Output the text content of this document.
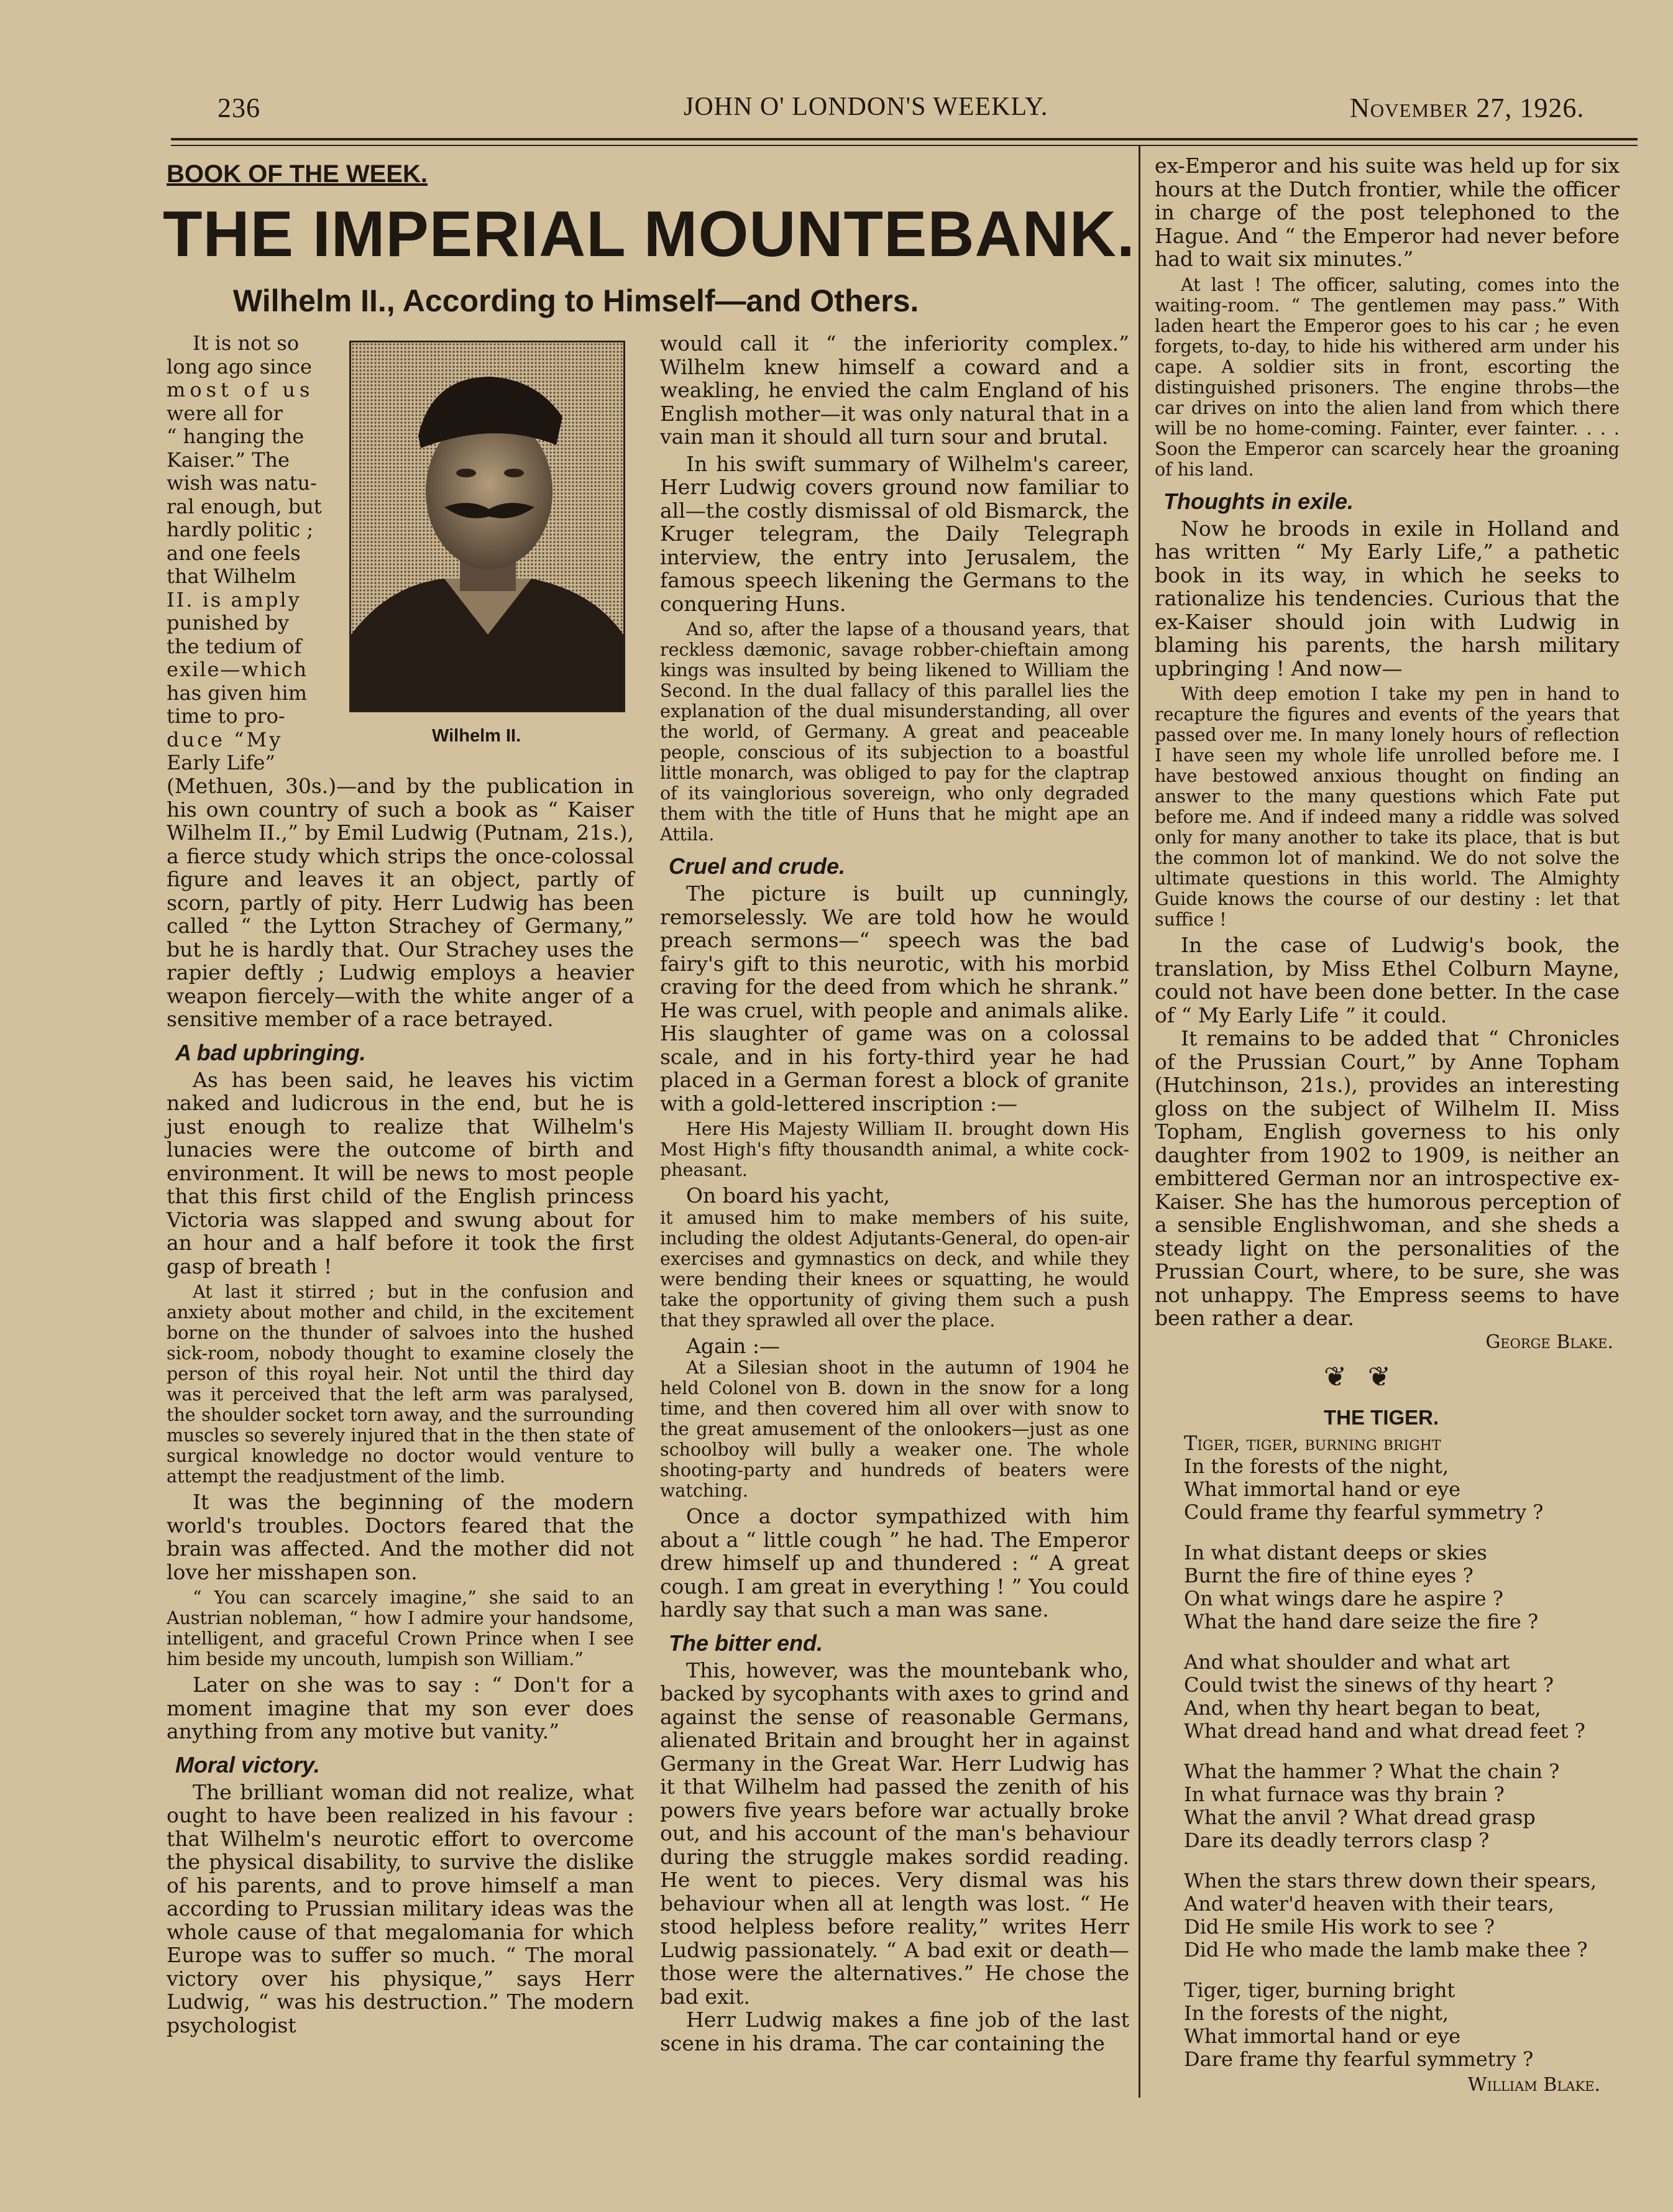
236	JOHN O' LONDON'S WEEKLY.	November 27, 1926.
BOOK OF THE WEEK.
THE IMPERIAL MOUNTEBANK.
Wilhelm II., According to Himself—and Others.
It is not so
long ago since
most of us
were all for
“ hanging the
Kaiser.” The
wish was natu-
ral enough, but
hardly politic ;
and one feels
that Wilhelm
II. is amply
punished by
the tedium of
exile—which
has given him
time to pro-
duce “My
Early Life”
Wilhelm II.

(Methuen, 30s.)—and by the publication in his own country of such a book as “ Kaiser Wilhelm II.,” by Emil Ludwig (Putnam, 21s.), a fierce study which strips the once-colossal figure and leaves it an object, partly of scorn, partly of pity. Herr Ludwig has been called “ the Lytton Strachey of Germany,” but he is hardly that. Our Strachey uses the rapier deftly ; Ludwig employs a heavier weapon fiercely—with the white anger of a sensitive member of a race betrayed.

A bad upbringing.

As has been said, he leaves his victim naked and ludicrous in the end, but he is just enough to realize that Wilhelm's lunacies were the outcome of birth and environment. It will be news to most people that this first child of the English princess Victoria was slapped and swung about for an hour and a half before it took the first gasp of breath !

At last it stirred ; but in the confusion and anxiety about mother and child, in the excitement borne on the thunder of salvoes into the hushed sick-room, nobody thought to examine closely the person of this royal heir. Not until the third day was it perceived that the left arm was paralysed, the shoulder socket torn away, and the surrounding muscles so severely injured that in the then state of surgical knowledge no doctor would venture to attempt the readjustment of the limb.

It was the beginning of the modern world's troubles. Doctors feared that the brain was affected. And the mother did not love her misshapen son.

“ You can scarcely imagine,” she said to an Austrian nobleman, “ how I admire your handsome, intelligent, and graceful Crown Prince when I see him beside my uncouth, lumpish son William.”

Later on she was to say : “ Don't for a moment imagine that my son ever does anything from any motive but vanity.”

Moral victory.

The brilliant woman did not realize, what ought to have been realized in his favour : that Wilhelm's neurotic effort to overcome the physical disability, to survive the dislike of his parents, and to prove himself a man according to Prussian military ideas was the whole cause of that megalomania for which Europe was to suffer so much. “ The moral victory over his physique,” says Herr Ludwig, “ was his destruction.” The modern psychologist

would call it “ the inferiority complex.” Wilhelm knew himself a coward and a weakling, he envied the calm England of his English mother—it was only natural that in a vain man it should all turn sour and brutal.

In his swift summary of Wilhelm's career, Herr Ludwig covers ground now familiar to all—the costly dismissal of old Bismarck, the Kruger telegram, the Daily Telegraph interview, the entry into Jerusalem, the famous speech likening the Germans to the conquering Huns.

And so, after the lapse of a thousand years, that reckless dæmonic, savage robber-chieftain among kings was insulted by being likened to William the Second. In the dual fallacy of this parallel lies the explanation of the dual misunderstanding, all over the world, of Germany. A great and peaceable people, conscious of its subjection to a boastful little monarch, was obliged to pay for the claptrap of its vainglorious sovereign, who only degraded them with the title of Huns that he might ape an Attila.

Cruel and crude.

The picture is built up cunningly, remorselessly. We are told how he would preach sermons—“ speech was the bad fairy's gift to this neurotic, with his morbid craving for the deed from which he shrank.” He was cruel, with people and animals alike. His slaughter of game was on a colossal scale, and in his forty-third year he had placed in a German forest a block of granite with a gold-lettered inscription :—

Here His Majesty William II. brought down His Most High's fifty thousandth animal, a white cock-pheasant.

On board his yacht,

it amused him to make members of his suite, including the oldest Adjutants-General, do open-air exercises and gymnastics on deck, and while they were bending their knees or squatting, he would take the opportunity of giving them such a push that they sprawled all over the place.

Again :—

At a Silesian shoot in the autumn of 1904 he held Colonel von B. down in the snow for a long time, and then covered him all over with snow to the great amusement of the onlookers—just as one schoolboy will bully a weaker one. The whole shooting-party and hundreds of beaters were watching.

Once a doctor sympathized with him about a “ little cough ” he had. The Emperor drew himself up and thundered : “ A great cough. I am great in everything ! ” You could hardly say that such a man was sane.

The bitter end.

This, however, was the mountebank who, backed by sycophants with axes to grind and against the sense of reasonable Germans, alienated Britain and brought her in against Germany in the Great War. Herr Ludwig has it that Wilhelm had passed the zenith of his powers five years before war actually broke out, and his account of the man's behaviour during the struggle makes sordid reading. He went to pieces. Very dismal was his behaviour when all at length was lost. “ He stood helpless before reality,” writes Herr Ludwig passionately. “ A bad exit or death—those were the alternatives.” He chose the bad exit.

Herr Ludwig makes a fine job of the last scene in his drama. The car containing the

ex-Emperor and his suite was held up for six hours at the Dutch frontier, while the officer in charge of the post telephoned to the Hague. And “ the Emperor had never before had to wait six minutes.”

At last ! The officer, saluting, comes into the waiting-room. “ The gentlemen may pass.” With laden heart the Emperor goes to his car ; he even forgets, to-day, to hide his withered arm under his cape. A soldier sits in front, escorting the distinguished prisoners. The engine throbs—the car drives on into the alien land from which there will be no home-coming. Fainter, ever fainter. . . . Soon the Emperor can scarcely hear the groaning of his land.

Thoughts in exile.

Now he broods in exile in Holland and has written “ My Early Life,” a pathetic book in its way, in which he seeks to rationalize his tendencies. Curious that the ex-Kaiser should join with Ludwig in blaming his parents, the harsh military upbringing ! And now—

With deep emotion I take my pen in hand to recapture the figures and events of the years that passed over me. In many lonely hours of reflection I have seen my whole life unrolled before me. I have bestowed anxious thought on finding an answer to the many questions which Fate put before me. And if indeed many a riddle was solved only for many another to take its place, that is but the common lot of mankind. We do not solve the ultimate questions in this world. The Almighty Guide knows the course of our destiny : let that suffice !

In the case of Ludwig's book, the translation, by Miss Ethel Colburn Mayne, could not have been done better. In the case of “ My Early Life ” it could.

It remains to be added that “ Chronicles of the Prussian Court,” by Anne Topham (Hutchinson, 21s.), provides an interesting gloss on the subject of Wilhelm II. Miss Topham, English governess to his only daughter from 1902 to 1909, is neither an embittered German nor an introspective ex-Kaiser. She has the humorous perception of a sensible Englishwoman, and she sheds a steady light on the personalities of the Prussian Court, where, to be sure, she was not unhappy. The Empress seems to have been rather a dear.

George Blake.
❦❦
THE TIGER.
Tiger, tiger, burning bright
In the forests of the night,
What immortal hand or eye
Could frame thy fearful symmetry ?
In what distant deeps or skies
Burnt the fire of thine eyes ?
On what wings dare he aspire ?
What the hand dare seize the fire ?
And what shoulder and what art
Could twist the sinews of thy heart ?
And, when thy heart began to beat,
What dread hand and what dread feet ?
What the hammer ? What the chain ?
In what furnace was thy brain ?
What the anvil ? What dread grasp
Dare its deadly terrors clasp ?
When the stars threw down their spears,
And water'd heaven with their tears,
Did He smile His work to see ?
Did He who made the lamb make thee ?
Tiger, tiger, burning bright
In the forests of the night,
What immortal hand or eye
Dare frame thy fearful symmetry ?
William Blake.
